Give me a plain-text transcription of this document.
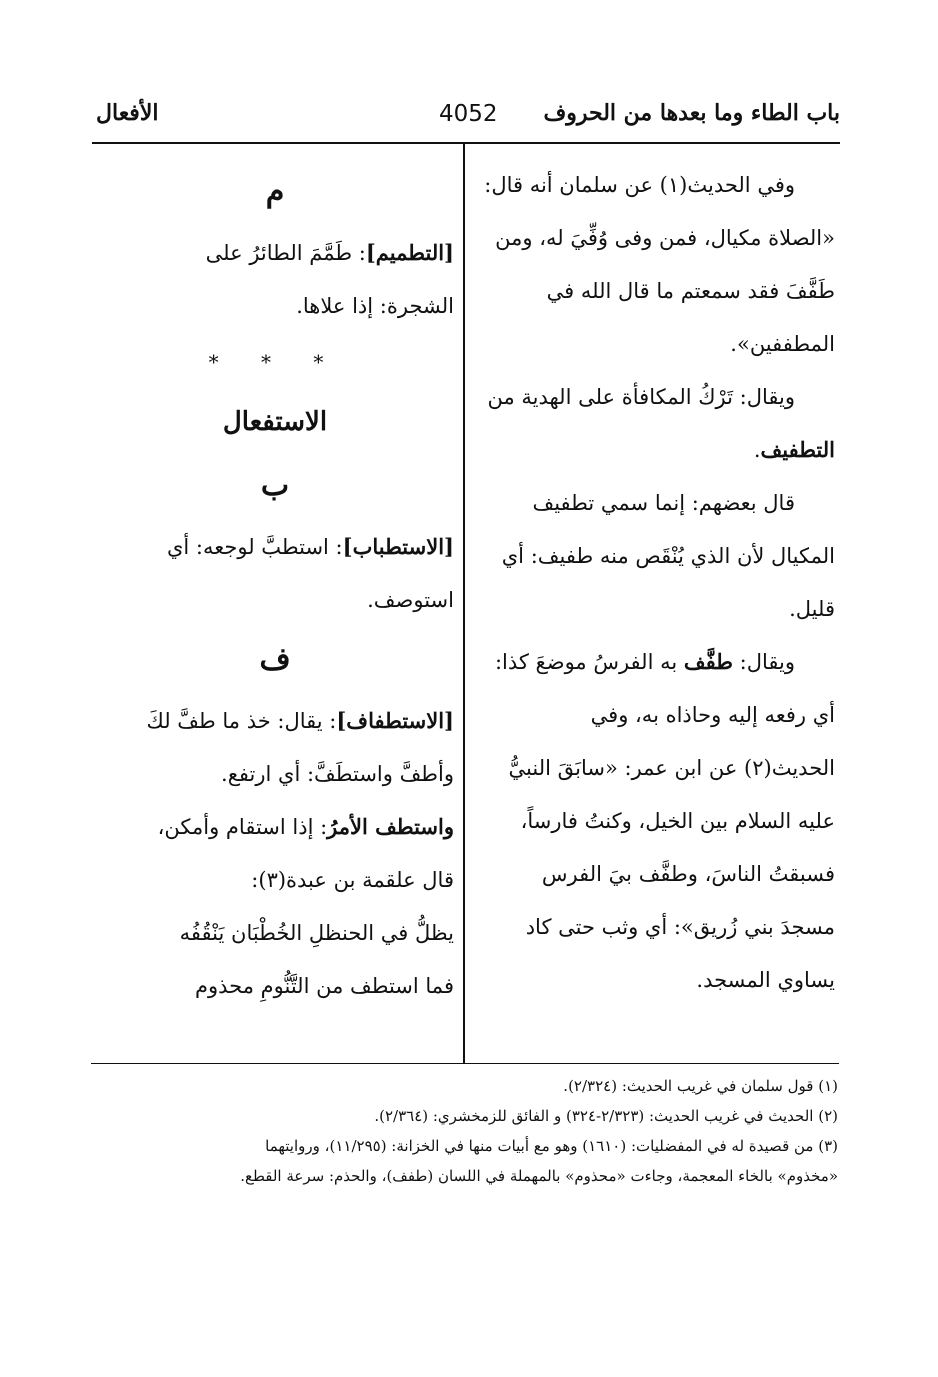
باب الطاء وما بعدها من الحروف
4052
الأفعال
وفي الحديث(١) عن سلمان أنه قال:
«الصلاة مكيال، فمن وفى وُفِّيَ له، ومن
طَفَّفَ فقد سمعتم ما قال الله في
المطففين».
ويقال: تَرْكُ المكافأة على الهدية من
التطفيف
.
قال بعضهم: إنما سمي تطفيف
المكيال لأن الذي يُنْقَص منه طفيف: أي
قليل.
ويقال:

طفَّف

به الفرسُ موضعَ كذا:
أي رفعه إليه وحاذاه به، وفي
الحديث(٢) عن ابن عمر: «سابَقَ النبيُّ
عليه السلام بين الخيل، وكنتُ فارساً،
فسبقتُ الناسَ، وطفَّف بيَ الفرس
مسجدَ بني زُريق»: أي وثب حتى كاد
يساوي المسجد.
م
[التطميم]
: طَمَّمَ الطائرُ على
الشجرة: إذا علاها.
* * *
الاستفعال
ب
[الاستطباب]
: استطبَّ لوجعه: أي
استوصف.
ف
[الاستطفاف]
: يقال: خذ ما طفَّ لكَ
وأطفَّ واستطَفَّ: أي ارتفع.
واستطف الأمرُ
: إذا استقام وأمكن،
قال علقمة بن عبدة(٣):
يظلُّ في الحنظلِ الخُطْبَان يَنْقُفُه
فما استطف من التَّنُّومِ محذوم
(١) قول سلمان في غريب الحديث: (٢/٣٢٤).
(٢) الحديث في غريب الحديث: (٢/٣٢٣-٣٢٤) و الفائق للزمخشري: (٢/٣٦٤).
(٣) من قصيدة له في المفضليات: (١٦١٠) وهو مع أبيات منها في الخزانة: (١١/٢٩٥)، وروايتهما
«مخذوم» بالخاء المعجمة، وجاءت «محذوم» بالمهملة في اللسان (طفف)، والحذم: سرعة القطع.
